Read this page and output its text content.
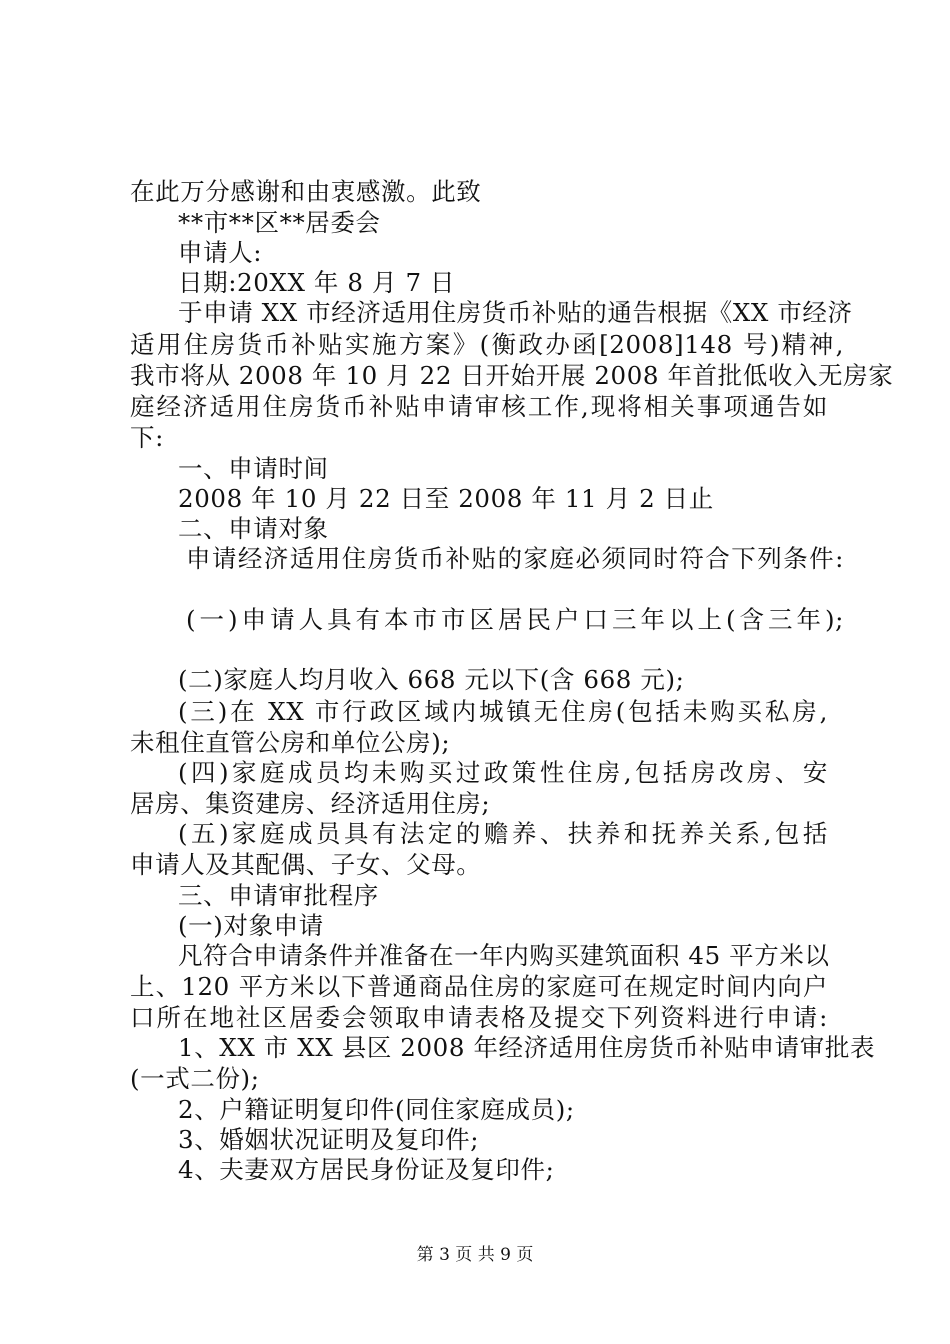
在此万分感谢和由衷感激。此致
**市**区**居委会
申请人:
日期:20XX 年 8 月 7 日
于申请 XX 市经济适用住房货币补贴的通告根据《XX 市经济
适用住房货币补贴实施方案》(衡政办函[2008]148 号)精神,
我市将从 2008 年 10 月 22 日开始开展 2008 年首批低收入无房家
庭经济适用住房货币补贴申请审核工作,现将相关事项通告如
下:
一、申请时间
2008 年 10 月 22 日至 2008 年 11 月 2 日止
二、申请对象
申请经济适用住房货币补贴的家庭必须同时符合下列条件:
(一)申请人具有本市市区居民户口三年以上(含三年);
(二)家庭人均月收入 668 元以下(含 668 元);
(三)在 XX 市行政区域内城镇无住房(包括未购买私房,
未租住直管公房和单位公房);
(四)家庭成员均未购买过政策性住房,包括房改房、安
居房、集资建房、经济适用住房;
(五)家庭成员具有法定的赡养、扶养和抚养关系,包括
申请人及其配偶、子女、父母。
三、申请审批程序
(一)对象申请
凡符合申请条件并准备在一年内购买建筑面积 45 平方米以
上、120 平方米以下普通商品住房的家庭可在规定时间内向户
口所在地社区居委会领取申请表格及提交下列资料进行申请:
1、XX 市 XX 县区 2008 年经济适用住房货币补贴申请审批表
(一式二份);
2、户籍证明复印件(同住家庭成员);
3、婚姻状况证明及复印件;
4、夫妻双方居民身份证及复印件;
第 3 页 共 9 页
